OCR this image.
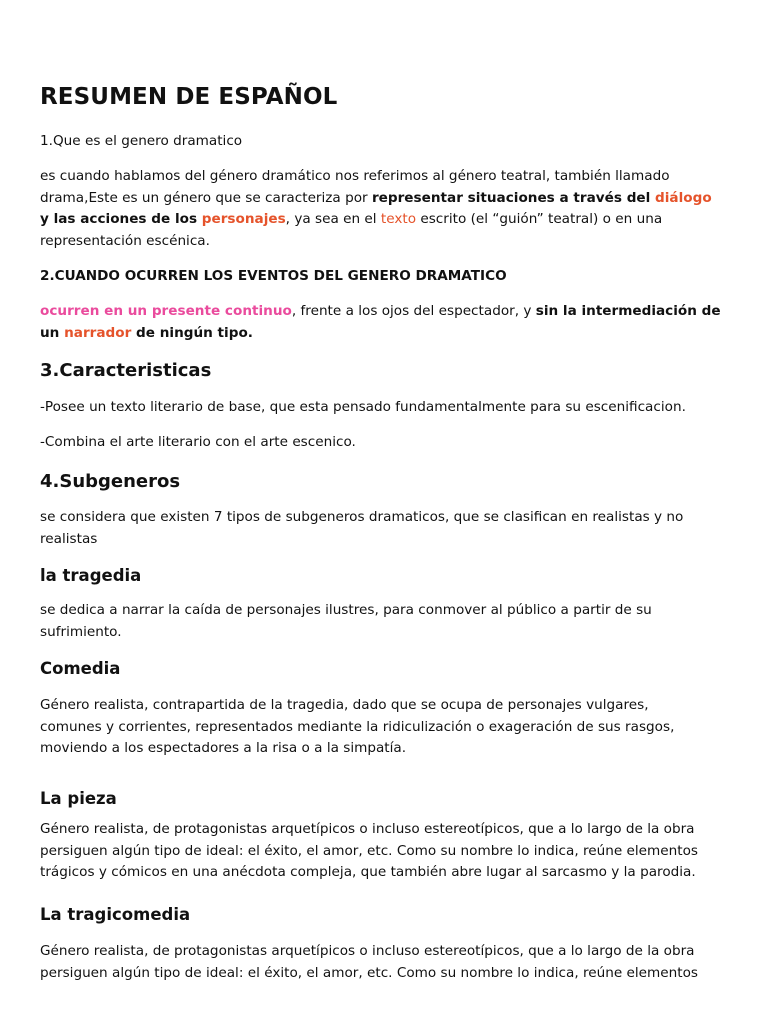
RESUMEN DE ESPAÑOL
1.Que es el genero dramatico
es cuando hablamos del género dramático nos referimos al género teatral, también llamado
drama,Este es un género que se caracteriza por representar situaciones a través del diálogo
y las acciones de los personajes, ya sea en el texto escrito (el “guión” teatral) o en una
representación escénica.
2.CUANDO OCURREN LOS EVENTOS DEL GENERO DRAMATICO
ocurren en un presente continuo, frente a los ojos del espectador, y sin la intermediación de
un narrador de ningún tipo.
3.Caracteristicas
-Posee un texto literario de base, que esta pensado fundamentalmente para su escenificacion.
-Combina el arte literario con el arte escenico.
4.Subgeneros
se considera que existen 7 tipos de subgeneros dramaticos, que se clasifican en realistas y no
realistas
la tragedia
se dedica a narrar la caída de personajes ilustres, para conmover al público a partir de su
sufrimiento.
Comedia
Género realista, contrapartida de la tragedia, dado que se ocupa de personajes vulgares,
comunes y corrientes, representados mediante la ridiculización o exageración de sus rasgos,
moviendo a los espectadores a la risa o a la simpatía.
La pieza
Género realista, de protagonistas arquetípicos o incluso estereotípicos, que a lo largo de la obra
persiguen algún tipo de ideal: el éxito, el amor, etc. Como su nombre lo indica, reúne elementos
trágicos y cómicos en una anécdota compleja, que también abre lugar al sarcasmo y la parodia.
La tragicomedia
Género realista, de protagonistas arquetípicos o incluso estereotípicos, que a lo largo de la obra
persiguen algún tipo de ideal: el éxito, el amor, etc. Como su nombre lo indica, reúne elementos
